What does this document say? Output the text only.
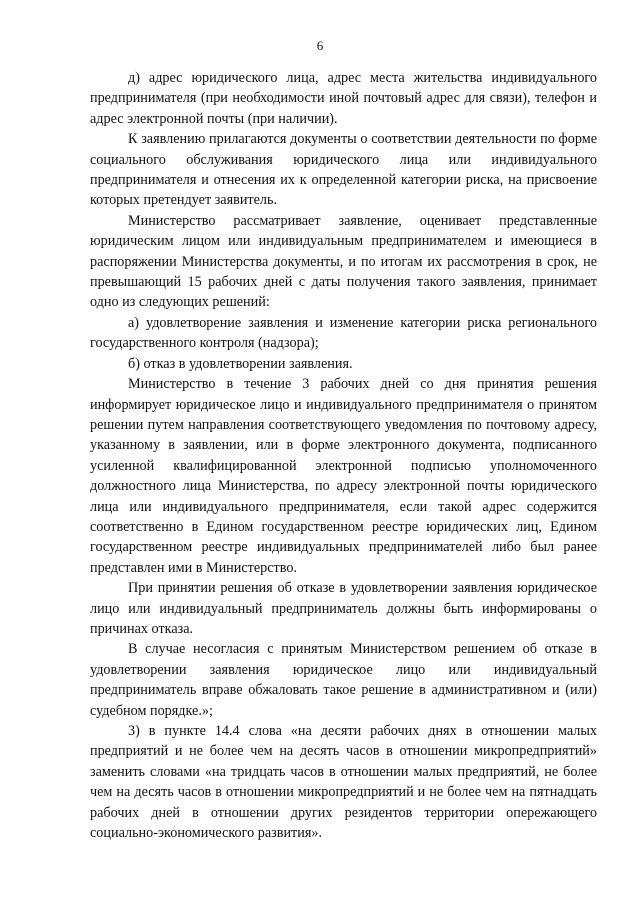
6

д) адрес юридического лица, адрес места жительства индивидуального предпринимателя (при необходимости иной почтовый адрес для связи), телефон и адрес электронной почты (при наличии).

К заявлению прилагаются документы о соответствии деятельности по форме социального обслуживания юридического лица или индивидуального предпринимателя и отнесения их к определенной категории риска, на присвоение которых претендует заявитель.

Министерство рассматривает заявление, оценивает представленные юридическим лицом или индивидуальным предпринимателем и имеющиеся в распоряжении Министерства документы, и по итогам их рассмотрения в срок, не превышающий 15 рабочих дней с даты получения такого заявления, принимает одно из следующих решений:

а) удовлетворение заявления и изменение категории риска регионального государственного контроля (надзора);

б) отказ в удовлетворении заявления.

Министерство в течение 3 рабочих дней со дня принятия решения информирует юридическое лицо и индивидуального предпринимателя о принятом решении путем направления соответствующего уведомления по почтовому адресу, указанному в заявлении, или в форме электронного документа, подписанного усиленной квалифицированной электронной подписью уполномоченного должностного лица Министерства, по адресу электронной почты юридического лица или индивидуального предпринимателя, если такой адрес содержится соответственно в Едином государственном реестре юридических лиц, Едином государственном реестре индивидуальных предпринимателей либо был ранее представлен ими в Министерство.

При принятии решения об отказе в удовлетворении заявления юридическое лицо или индивидуальный предприниматель должны быть информированы о причинах отказа.

В случае несогласия с принятым Министерством решением об отказе в удовлетворении заявления юридическое лицо или индивидуальный предприниматель вправе обжаловать такое решение в административном и (или) судебном порядке.»;

3) в пункте 14.4 слова «на десяти рабочих днях в отношении малых предприятий и не более чем на десять часов в отношении микропредприятий» заменить словами «на тридцать часов в отношении малых предприятий, не более чем на десять часов в отношении микропредприятий и не более чем на пятнадцать рабочих дней в отношении других резидентов территории опережающего социально-экономического развития».
